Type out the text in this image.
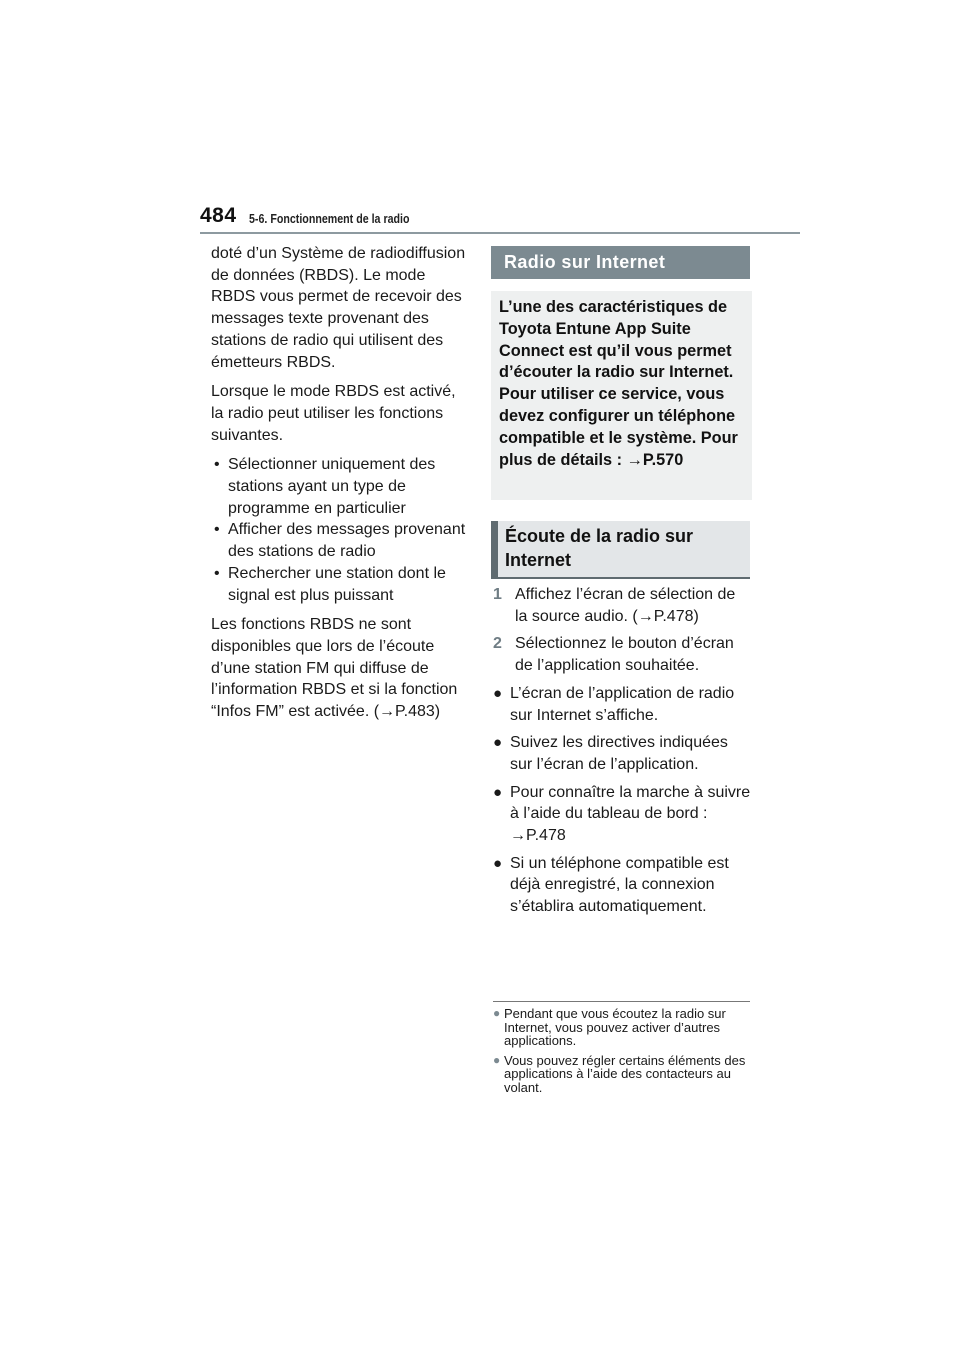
484 5-6. Fonctionnement de la radio

doté d’un Système de radiodiffusion de données (RBDS). Le mode RBDS vous permet de recevoir des messages texte provenant des stations de radio qui utilisent des émetteurs RBDS.

Lorsque le mode RBDS est activé, la radio peut utiliser les fonctions suivantes.

• Sélectionner uniquement des stations ayant un type de programme en particulier
• Afficher des messages provenant des stations de radio
• Rechercher une station dont le signal est plus puissant

Les fonctions RBDS ne sont disponibles que lors de l’écoute d’une station FM qui diffuse de l’information RBDS et si la fonction “Infos FM” est activée. (→P.483)

Radio sur Internet
L’une des caractéristiques de Toyota Entune App Suite Connect est qu’il vous permet d’écouter la radio sur Internet. Pour utiliser ce service, vous devez configurer un téléphone compatible et le système. Pour plus de détails : →P.570
Écoute de la radio sur Internet
1 Affichez l’écran de sélection de la source audio. (→P.478)
2 Sélectionnez le bouton d’écran de l’application souhaitée.
● L’écran de l’application de radio sur Internet s’affiche.
● Suivez les directives indiquées sur l’écran de l’application.
● Pour connaître la marche à suivre à l’aide du tableau de bord : →P.478
● Si un téléphone compatible est déjà enregistré, la connexion s’établira automatiquement.
● Pendant que vous écoutez la radio sur Internet, vous pouvez activer d’autres applications.
● Vous pouvez régler certains éléments des applications à l’aide des contacteurs au volant.
